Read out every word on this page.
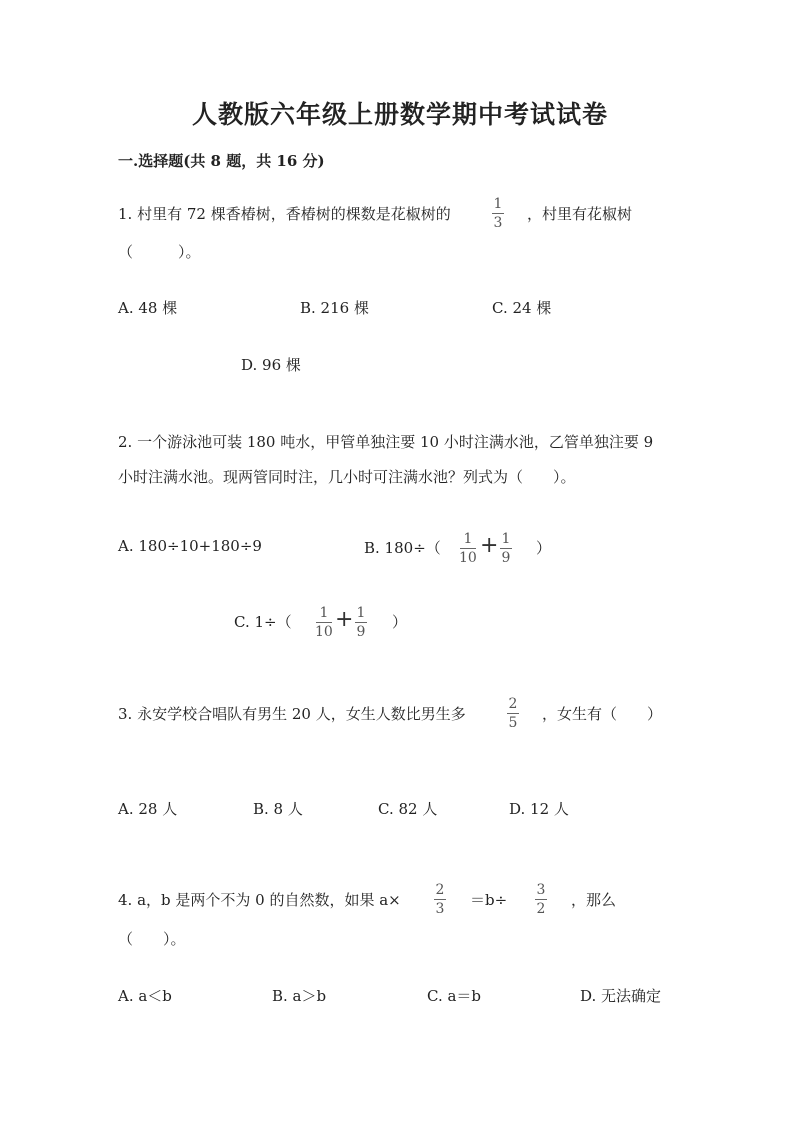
人教版六年级上册数学期中考试试卷
一.选择题(共 8 题，共 16 分)
1. 村里有 72 棵香椿树，香椿树的棵数是花椒树的
1
3 ，村里有花椒树
（　　　）。
A. 48 棵	B. 216 棵	C. 24 棵
D. 96 棵
2. 一个游泳池可装 180 吨水，甲管单独注要 10 小时注满水池，乙管单独注要 9
小时注满水池。现两管同时注，几小时可注满水池？列式为（　　）。
A. 180÷10+180÷9	B. 180÷（ 1
10 + 1
9
）
C. 1÷（ 1
10 + 1
9
）
3. 永安学校合唱队有男生 20 人，女生人数比男生多
2
5 ，女生有（　　）
A. 28 人	B. 8 人	C. 82 人	D. 12 人
4. a，b 是两个不为 0 的自然数，如果 a×
2
3 ＝b÷
3
2 ，那么
（　　）。
A. a＜b	B. a＞b	C. a＝b	D. 无法确定
